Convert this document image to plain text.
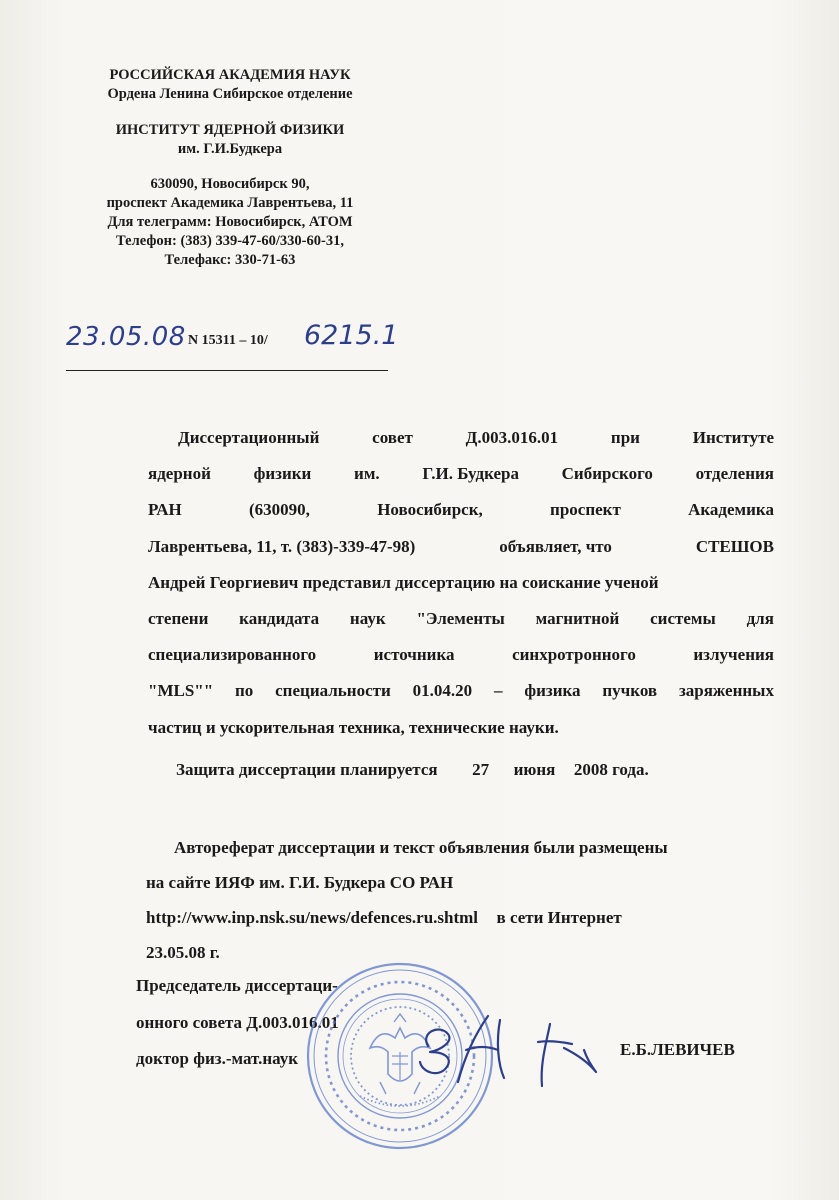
РОССИЙСКАЯ АКАДЕМИЯ НАУК
Ордена Ленина Сибирское отделение
ИНСТИТУТ ЯДЕРНОЙ ФИЗИКИ
им. Г.И.Будкера
630090, Новосибирск 90,
проспект Академика Лаврентьева, 11
Для телеграмм: Новосибирск, АТОМ
Телефон: (383) 339-47-60/330-60-31,
Телефакс: 330-71-63
23.05.08 N 15311 – 10/ 6215.1
Диссертационный	совет	Д.003.016.01	при	Институте
ядерной	физики	им.	Г.И. Будкера	Сибирского	отделения
РАН	(630090,	Новосибирск,	проспект	Академика
Лаврентьева, 11, т. (383)-339-47-98)	объявляет, что	СТЕШОВ
Андрей Георгиевич представил диссертацию на соискание ученой
степени кандидата наук "Элементы магнитной системы для
специализированного	источника	синхротронного	излучения
"MLS"" по специальности 01.04.20 – физика пучков заряженных
частиц и ускорительная техника, технические науки.
Защита диссертации планируется 27 июня 2008 года.
Автореферат диссертации и текст объявления были размещены
на сайте ИЯФ им. Г.И. Будкера СО РАН
http://www.inp.nsk.su/news/defences.ru.shtml в сети Интернет
23.05.08 г.
Председатель диссертаци-
онного совета Д.003.016.01
доктор физ.-мат.наук	Е.Б.ЛЕВИЧЕВ
